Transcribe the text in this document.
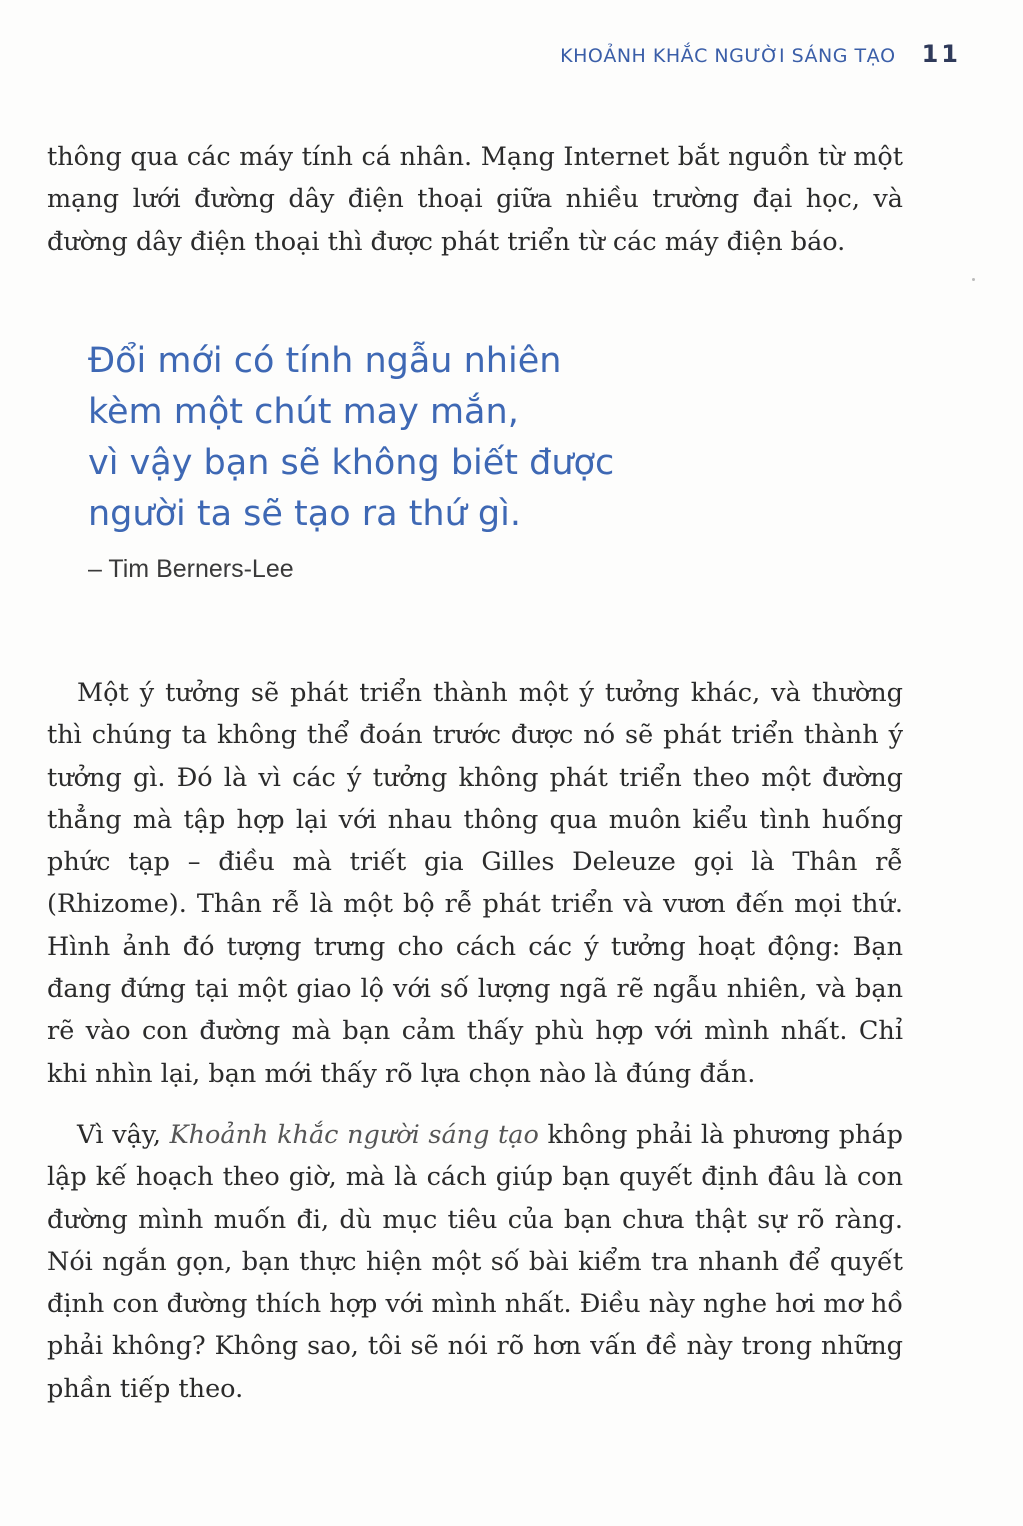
KHOẢNH KHẮC NGƯỜI SÁNG TẠO 11

thông qua các máy tính cá nhân. Mạng Internet bắt nguồn từ một mạng lưới đường dây điện thoại giữa nhiều trường đại học, và đường dây điện thoại thì được phát triển từ các máy điện báo.

Đổi mới có tính ngẫu nhiên
kèm một chút may mắn,
vì vậy bạn sẽ không biết được
người ta sẽ tạo ra thứ gì.
– Tim Berners-Lee

Một ý tưởng sẽ phát triển thành một ý tưởng khác, và thường thì chúng ta không thể đoán trước được nó sẽ phát triển thành ý tưởng gì. Đó là vì các ý tưởng không phát triển theo một đường thẳng mà tập hợp lại với nhau thông qua muôn kiểu tình huống phức tạp – điều mà triết gia Gilles Deleuze gọi là Thân rễ (Rhizome). Thân rễ là một bộ rễ phát triển và vươn đến mọi thứ. Hình ảnh đó tượng trưng cho cách các ý tưởng hoạt động: Bạn đang đứng tại một giao lộ với số lượng ngã rẽ ngẫu nhiên, và bạn rẽ vào con đường mà bạn cảm thấy phù hợp với mình nhất. Chỉ khi nhìn lại, bạn mới thấy rõ lựa chọn nào là đúng đắn.

Vì vậy, Khoảnh khắc người sáng tạo không phải là phương pháp lập kế hoạch theo giờ, mà là cách giúp bạn quyết định đâu là con đường mình muốn đi, dù mục tiêu của bạn chưa thật sự rõ ràng. Nói ngắn gọn, bạn thực hiện một số bài kiểm tra nhanh để quyết định con đường thích hợp với mình nhất. Điều này nghe hơi mơ hồ phải không? Không sao, tôi sẽ nói rõ hơn vấn đề này trong những phần tiếp theo.
